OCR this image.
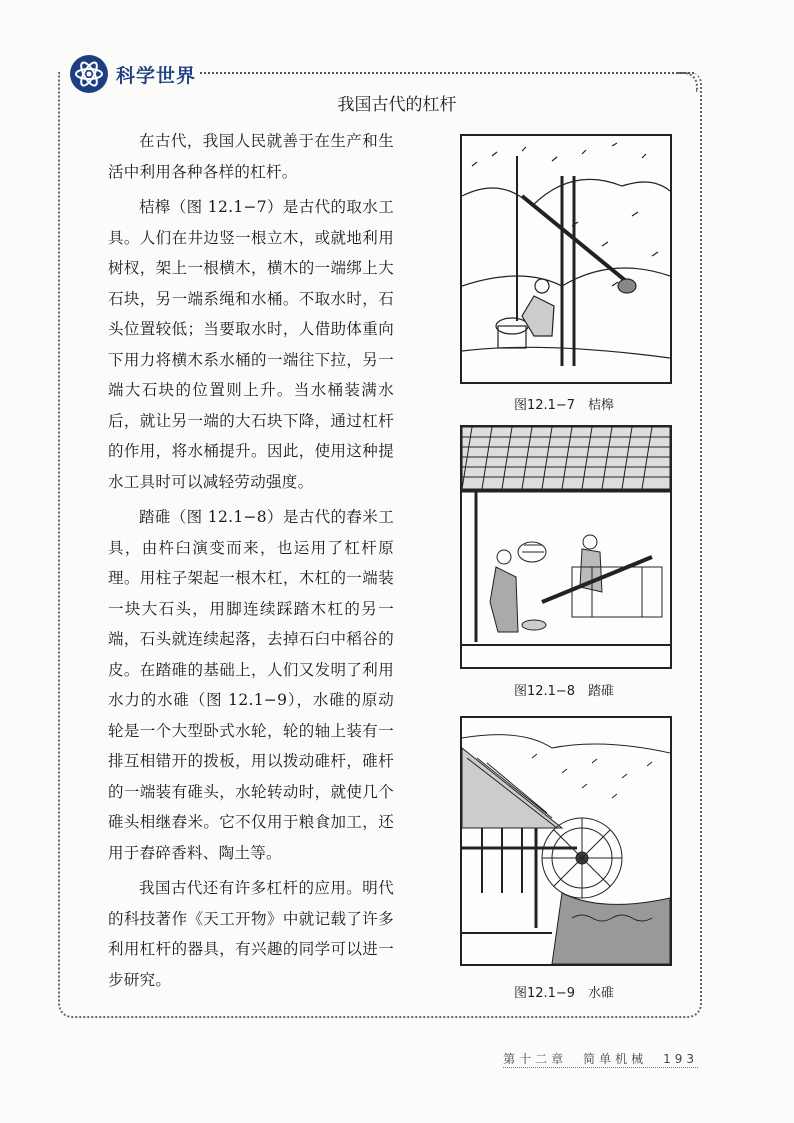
科学世界
我国古代的杠杆

在古代，我国人民就善于在生产和生活中利用各种各样的杠杆。

桔槔（图 12.1−7）是古代的取水工具。人们在井边竖一根立木，或就地利用树杈，架上一根横木，横木的一端绑上大石块，另一端系绳和水桶。不取水时，石头位置较低；当要取水时，人借助体重向下用力将横木系水桶的一端往下拉，另一端大石块的位置则上升。当水桶装满水后，就让另一端的大石块下降，通过杠杆的作用，将水桶提升。因此，使用这种提水工具时可以减轻劳动强度。

踏碓（图 12.1−8）是古代的舂米工具，由杵臼演变而来，也运用了杠杆原理。用柱子架起一根木杠，木杠的一端装一块大石头，用脚连续踩踏木杠的另一端，石头就连续起落，去掉石臼中稻谷的皮。在踏碓的基础上，人们又发明了利用水力的水碓（图 12.1−9），水碓的原动轮是一个大型卧式水轮，轮的轴上装有一排互相错开的拨板，用以拨动碓杆，碓杆的一端装有碓头，水轮转动时，就使几个碓头相继舂米。它不仅用于粮食加工，还用于舂碎香料、陶土等。

我国古代还有许多杠杆的应用。明代的科技著作《天工开物》中就记载了许多利用杠杆的器具，有兴趣的同学可以进一步研究。

图12.1−7　桔槔
图12.1−8　踏碓
图12.1−9　水碓
第十二章　简单机械　193
